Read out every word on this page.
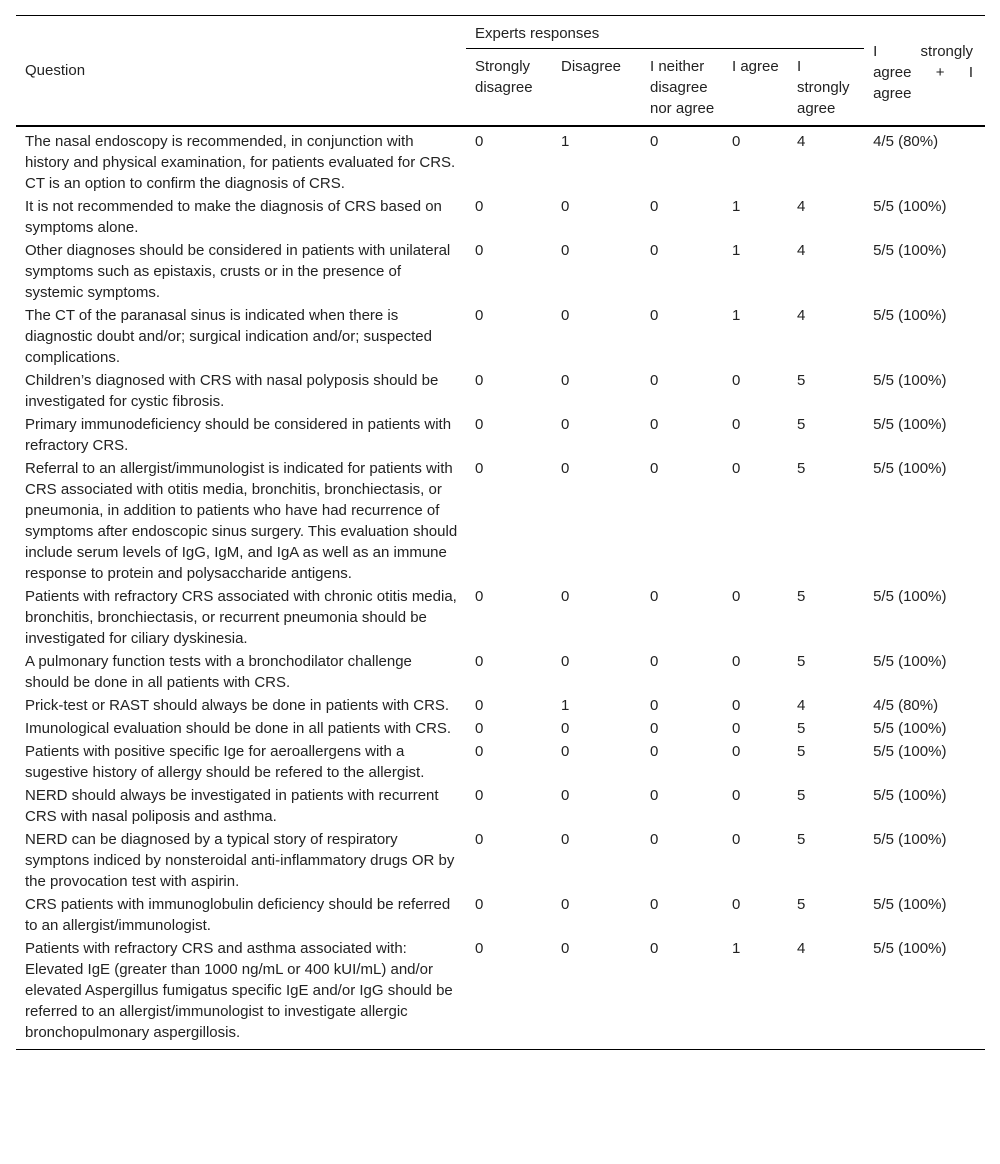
Question	Experts responses					I strongly agree + I agree
	Strongly disagree	Disagree	I neither disagree nor agree	I agree	I strongly agree	
The nasal endoscopy is recommended, in conjunction with history and physical examination, for patients evaluated for CRS. CT is an option to confirm the diagnosis of CRS.	0	1	0	0	4	4/5 (80%)
It is not recommended to make the diagnosis of CRS based on symptoms alone.	0	0	0	1	4	5/5 (100%)
Other diagnoses should be considered in patients with unilateral symptoms such as epistaxis, crusts or in the presence of systemic symptoms.	0	0	0	1	4	5/5 (100%)
The CT of the paranasal sinus is indicated when there is diagnostic doubt and/or; surgical indication and/or; suspected complications.	0	0	0	1	4	5/5 (100%)
Children’s diagnosed with CRS with nasal polyposis should be investigated for cystic fibrosis.	0	0	0	0	5	5/5 (100%)
Primary immunodeficiency should be considered in patients with refractory CRS.	0	0	0	0	5	5/5 (100%)
Referral to an allergist/immunologist is indicated for patients with CRS associated with otitis media, bronchitis, bronchiectasis, or pneumonia, in addition to patients who have had recurrence of symptoms after endoscopic sinus surgery. This evaluation should include serum levels of IgG, IgM, and IgA as well as an immune response to protein and polysaccharide antigens.	0	0	0	0	5	5/5 (100%)
Patients with refractory CRS associated with chronic otitis media, bronchitis, bronchiectasis, or recurrent pneumonia should be investigated for ciliary dyskinesia.	0	0	0	0	5	5/5 (100%)
A pulmonary function tests with a bronchodilator challenge should be done in all patients with CRS.	0	0	0	0	5	5/5 (100%)
Prick-test or RAST should always be done in patients with CRS.	0	1	0	0	4	4/5 (80%)
Imunological evaluation should be done in all patients with CRS.	0	0	0	0	5	5/5 (100%)
Patients with positive specific Ige for aeroallergens with a sugestive history of allergy should be refered to the allergist.	0	0	0	0	5	5/5 (100%)
NERD should always be investigated in patients with recurrent CRS with nasal poliposis and asthma.	0	0	0	0	5	5/5 (100%)
NERD can be diagnosed by a typical story of respiratory symptons indiced by nonsteroidal anti-inflammatory drugs OR by the provocation test with aspirin.	0	0	0	0	5	5/5 (100%)
CRS patients with immunoglobulin deficiency should be referred to an allergist/immunologist.	0	0	0	0	5	5/5 (100%)
Patients with refractory CRS and asthma associated with: Elevated IgE (greater than 1000 ng/mL or 400 kUI/mL) and/or elevated Aspergillus fumigatus specific IgE and/or IgG should be referred to an allergist/immunologist to investigate allergic bronchopulmonary aspergillosis.	0	0	0	1	4	5/5 (100%)
